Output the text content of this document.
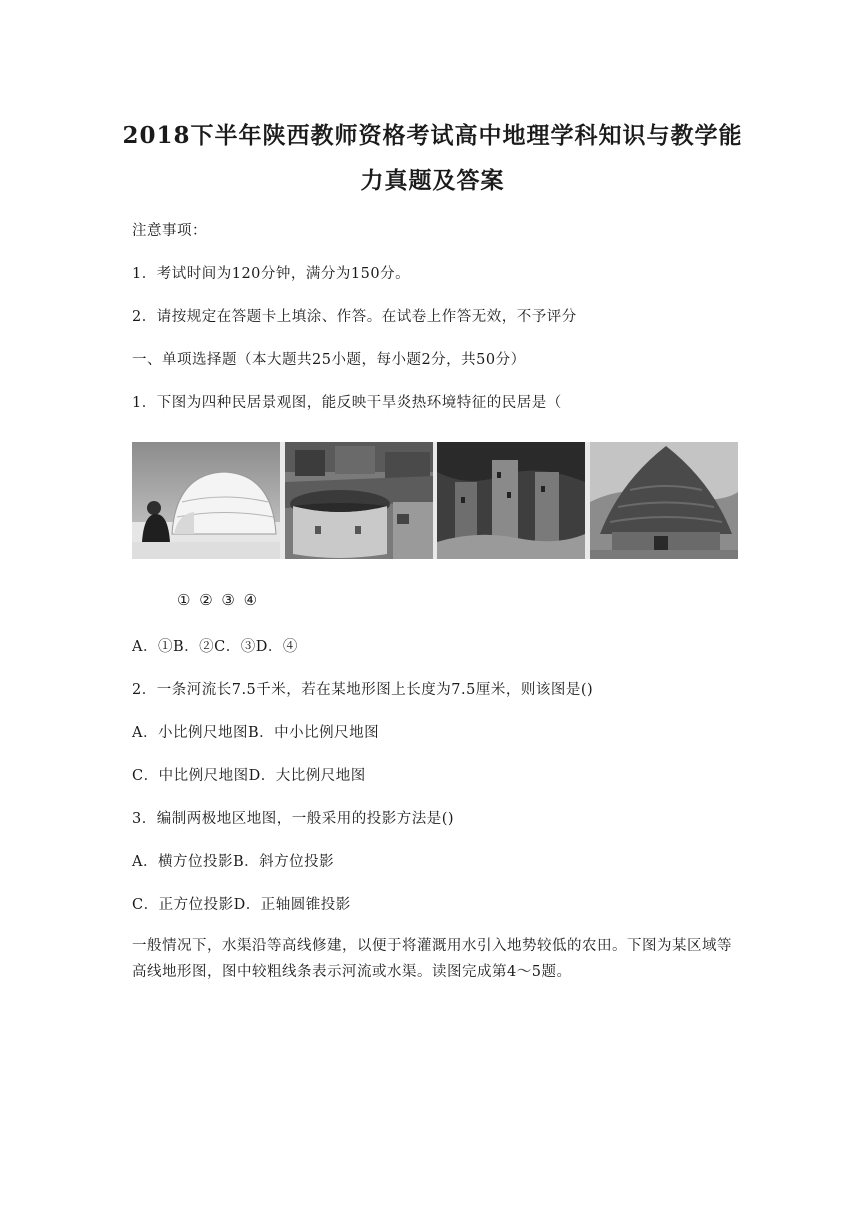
2018下半年陕西教师资格考试高中地理学科知识与教学能
力真题及答案
注意事项：
1．考试时间为120分钟，满分为150分。
2．请按规定在答题卡上填涂、作答。在试卷上作答无效，不予评分
一、单项选择题（本大题共25小题，每小题2分，共50分）
1．下图为四种民居景观图，能反映干旱炎热环境特征的民居是（
① ② ③ ④
A．①B．②C．③D．④
2．一条河流长7.5千米，若在某地形图上长度为7.5厘米，则该图是()
A．小比例尺地图B．中小比例尺地图
C．中比例尺地图D．大比例尺地图
3．编制两极地区地图，一般采用的投影方法是()
A．横方位投影B．斜方位投影
C．正方位投影D．正轴圆锥投影
一般情况下，水渠沿等高线修建，以便于将灌溉用水引入地势较低的农田。下图为某区域等高线地形图，图中较粗线条表示河流或水渠。读图完成第4～5题。
